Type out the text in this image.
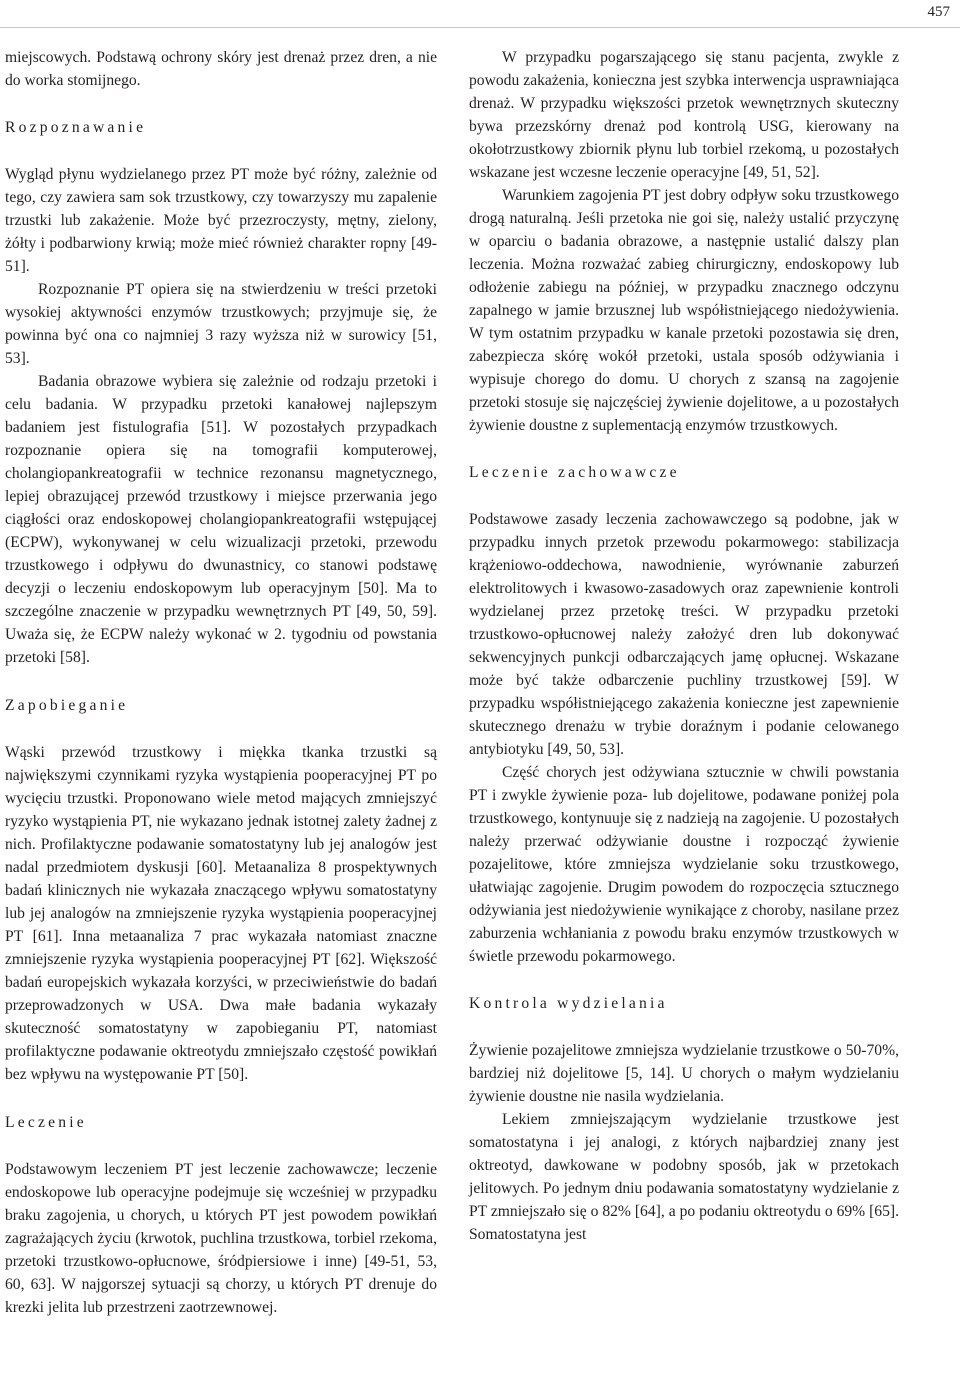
457

miejscowych. Podstawą ochrony skóry jest drenaż przez dren, a nie do worka stomijnego.

Rozpoznawanie

Wygląd płynu wydzielanego przez PT może być różny, zależnie od tego, czy zawiera sam sok trzustkowy, czy towarzyszy mu zapalenie trzustki lub zakażenie. Może być przezroczysty, mętny, zielony, żółty i podbarwiony krwią; może mieć również charakter ropny [49-51].

Rozpoznanie PT opiera się na stwierdzeniu w treści przetoki wysokiej aktywności enzymów trzustkowych; przyjmuje się, że powinna być ona co najmniej 3 razy wyższa niż w surowicy [51, 53].

Badania obrazowe wybiera się zależnie od rodzaju przetoki i celu badania. W przypadku przetoki kanałowej najlepszym badaniem jest fistulografia [51]. W pozostałych przypadkach rozpoznanie opiera się na tomografii komputerowej, cholangiopankreatografii w technice rezonansu magnetycznego, lepiej obrazującej przewód trzustkowy i miejsce przerwania jego ciągłości oraz endoskopowej cholangiopankreatografii wstępującej (ECPW), wykonywanej w celu wizualizacji przetoki, przewodu trzustkowego i odpływu do dwunastnicy, co stanowi podstawę decyzji o leczeniu endoskopowym lub operacyjnym [50]. Ma to szczególne znaczenie w przypadku wewnętrznych PT [49, 50, 59]. Uważa się, że ECPW należy wykonać w 2. tygodniu od powstania przetoki [58].

Zapobieganie

Wąski przewód trzustkowy i miękka tkanka trzustki są największymi czynnikami ryzyka wystąpienia pooperacyjnej PT po wycięciu trzustki. Proponowano wiele metod mających zmniejszyć ryzyko wystąpienia PT, nie wykazano jednak istotnej zalety żadnej z nich. Profilaktyczne podawanie somatostatyny lub jej analogów jest nadal przedmiotem dyskusji [60]. Metaanaliza 8 prospektywnych badań klinicznych nie wykazała znaczącego wpływu somatostatyny lub jej analogów na zmniejszenie ryzyka wystąpienia pooperacyjnej PT [61]. Inna metaanaliza 7 prac wykazała natomiast znaczne zmniejszenie ryzyka wystąpienia pooperacyjnej PT [62]. Większość badań europejskich wykazała korzyści, w przeciwieństwie do badań przeprowadzonych w USA. Dwa małe badania wykazały skuteczność somatostatyny w zapobieganiu PT, natomiast profilaktyczne podawanie oktreotydu zmniejszało częstość powikłań bez wpływu na występowanie PT [50].

Leczenie

Podstawowym leczeniem PT jest leczenie zachowawcze; leczenie endoskopowe lub operacyjne podejmuje się wcześniej w przypadku braku zagojenia, u chorych, u których PT jest powodem powikłań zagrażających życiu (krwotok, puchlina trzustkowa, torbiel rzekoma, przetoki trzustkowo-opłucnowe, śródpiersiowe i inne) [49-51, 53, 60, 63]. W najgorszej sytuacji są chorzy, u których PT drenuje do krezki jelita lub przestrzeni zaotrzewnowej.

W przypadku pogarszającego się stanu pacjenta, zwykle z powodu zakażenia, konieczna jest szybka interwencja usprawniająca drenaż. W przypadku większości przetok wewnętrznych skuteczny bywa przezskórny drenaż pod kontrolą USG, kierowany na okołotrzustkowy zbiornik płynu lub torbiel rzekomą, u pozostałych wskazane jest wczesne leczenie operacyjne [49, 51, 52].

Warunkiem zagojenia PT jest dobry odpływ soku trzustkowego drogą naturalną. Jeśli przetoka nie goi się, należy ustalić przyczynę w oparciu o badania obrazowe, a następnie ustalić dalszy plan leczenia. Można rozważać zabieg chirurgiczny, endoskopowy lub odłożenie zabiegu na później, w przypadku znacznego odczynu zapalnego w jamie brzusznej lub współistniejącego niedożywienia. W tym ostatnim przypadku w kanale przetoki pozostawia się dren, zabezpiecza skórę wokół przetoki, ustala sposób odżywiania i wypisuje chorego do domu. U chorych z szansą na zagojenie przetoki stosuje się najczęściej żywienie dojelitowe, a u pozostałych żywienie doustne z suplementacją enzymów trzustkowych.

Leczenie zachowawcze

Podstawowe zasady leczenia zachowawczego są podobne, jak w przypadku innych przetok przewodu pokarmowego: stabilizacja krążeniowo-oddechowa, nawodnienie, wyrównanie zaburzeń elektrolitowych i kwasowo-zasadowych oraz zapewnienie kontroli wydzielanej przez przetokę treści. W przypadku przetoki trzustkowo-opłucnowej należy założyć dren lub dokonywać sekwencyjnych punkcji odbarczających jamę opłucnej. Wskazane może być także odbarczenie puchliny trzustkowej [59]. W przypadku współistniejącego zakażenia konieczne jest zapewnienie skutecznego drenażu w trybie doraźnym i podanie celowanego antybiotyku [49, 50, 53].

Część chorych jest odżywiana sztucznie w chwili powstania PT i zwykle żywienie poza- lub dojelitowe, podawane poniżej pola trzustkowego, kontynuuje się z nadzieją na zagojenie. U pozostałych należy przerwać odżywianie doustne i rozpocząć żywienie pozajelitowe, które zmniejsza wydzielanie soku trzustkowego, ułatwiając zagojenie. Drugim powodem do rozpoczęcia sztucznego odżywiania jest niedożywienie wynikające z choroby, nasilane przez zaburzenia wchłaniania z powodu braku enzymów trzustkowych w świetle przewodu pokarmowego.

Kontrola wydzielania

Żywienie pozajelitowe zmniejsza wydzielanie trzustkowe o 50-70%, bardziej niż dojelitowe [5, 14]. U chorych o małym wydzielaniu żywienie doustne nie nasila wydzielania.

Lekiem zmniejszającym wydzielanie trzustkowe jest somatostatyna i jej analogi, z których najbardziej znany jest oktreotyd, dawkowane w podobny sposób, jak w przetokach jelitowych. Po jednym dniu podawania somatostatyny wydzielanie z PT zmniejszało się o 82% [64], a po podaniu oktreotydu o 69% [65]. Somatostatyna jest
